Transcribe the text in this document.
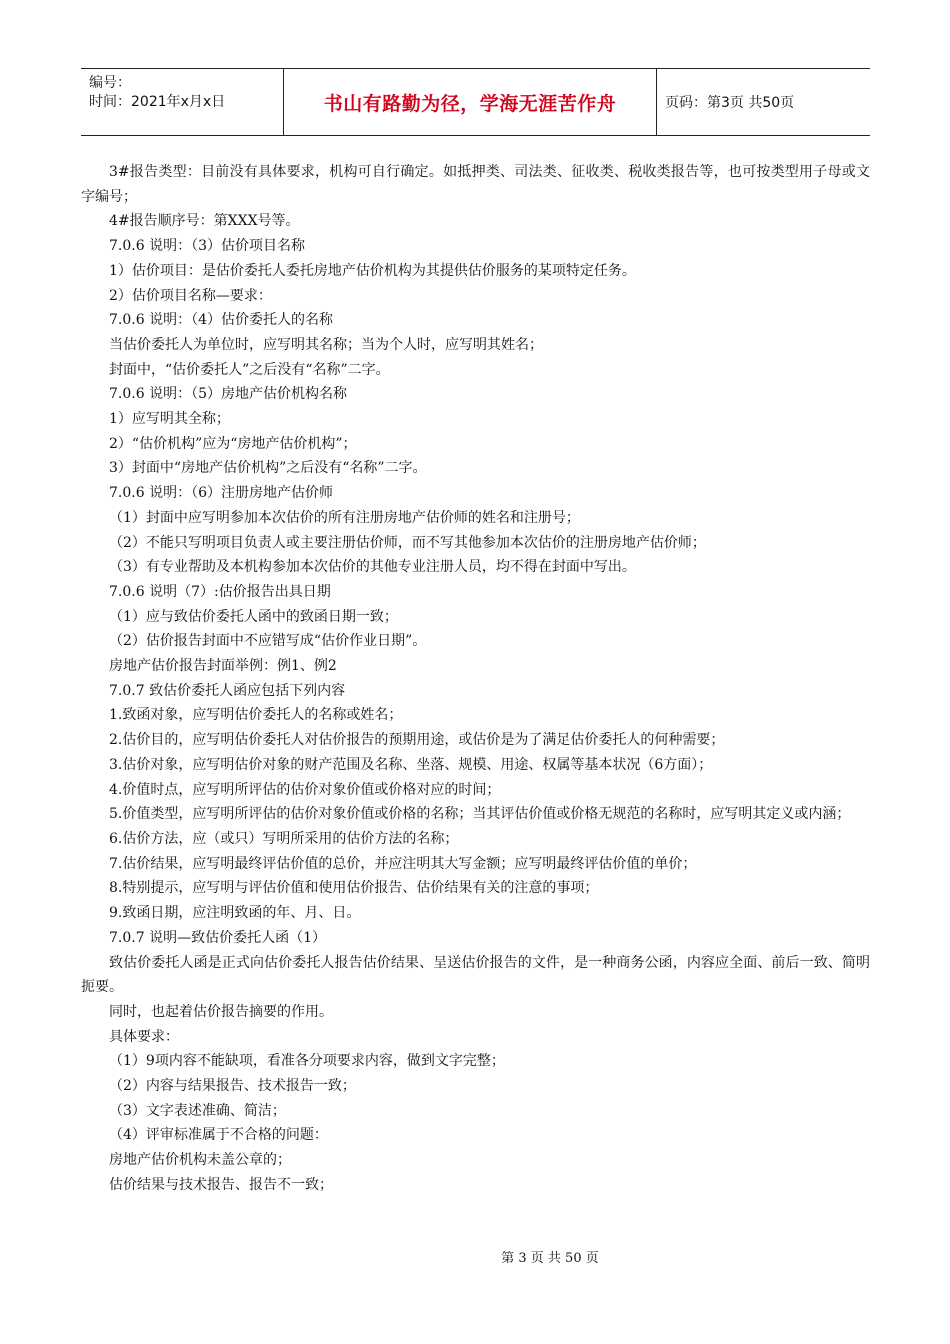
编号：
时间：2021年x月x日	书山有路勤为径，学海无涯苦作舟	页码：第3页 共50页

3#报告类型：目前没有具体要求，机构可自行确定。如抵押类、司法类、征收类、税收类报告等，也可按类型用子母或文字编号；

4#报告顺序号：第XXX号等。

7.0.6 说明：（3）估价项目名称

1）估价项目：是估价委托人委托房地产估价机构为其提供估价服务的某项特定任务。

2）估价项目名称—要求：

7.0.6 说明：（4）估价委托人的名称

当估价委托人为单位时，应写明其名称；当为个人时，应写明其姓名；

封面中，“估价委托人”之后没有“名称”二字。

7.0.6 说明：（5）房地产估价机构名称

1）应写明其全称；

2）“估价机构”应为“房地产估价机构”；

3）封面中“房地产估价机构”之后没有“名称”二字。

7.0.6 说明：（6）注册房地产估价师

（1）封面中应写明参加本次估价的所有注册房地产估价师的姓名和注册号；

（2）不能只写明项目负责人或主要注册估价师，而不写其他参加本次估价的注册房地产估价师；

（3）有专业帮助及本机构参加本次估价的其他专业注册人员，均不得在封面中写出。

7.0.6 说明（7）:估价报告出具日期

（1）应与致估价委托人函中的致函日期一致；

（2）估价报告封面中不应错写成“估价作业日期”。

房地产估价报告封面举例：例1、例2

7.0.7 致估价委托人函应包括下列内容

1.致函对象，应写明估价委托人的名称或姓名；

2.估价目的，应写明估价委托人对估价报告的预期用途，或估价是为了满足估价委托人的何种需要；

3.估价对象，应写明估价对象的财产范围及名称、坐落、规模、用途、权属等基本状况（6方面）；

4.价值时点，应写明所评估的估价对象价值或价格对应的时间；

5.价值类型，应写明所评估的估价对象价值或价格的名称；当其评估价值或价格无规范的名称时，应写明其定义或内涵；

6.估价方法，应（或只）写明所采用的估价方法的名称；

7.估价结果，应写明最终评估价值的总价，并应注明其大写金额；应写明最终评估价值的单价；

8.特别提示，应写明与评估价值和使用估价报告、估价结果有关的注意的事项；

9.致函日期，应注明致函的年、月、日。

7.0.7 说明—致估价委托人函（1）

致估价委托人函是正式向估价委托人报告估价结果、呈送估价报告的文件，是一种商务公函，内容应全面、前后一致、简明扼要。

同时，也起着估价报告摘要的作用。

具体要求：

（1）9项内容不能缺项，看准各分项要求内容，做到文字完整；

（2）内容与结果报告、技术报告一致；

（3）文字表述准确、简洁；

（4）评审标准属于不合格的问题：

房地产估价机构未盖公章的；

估价结果与技术报告、报告不一致；

第 3 页 共 50 页
